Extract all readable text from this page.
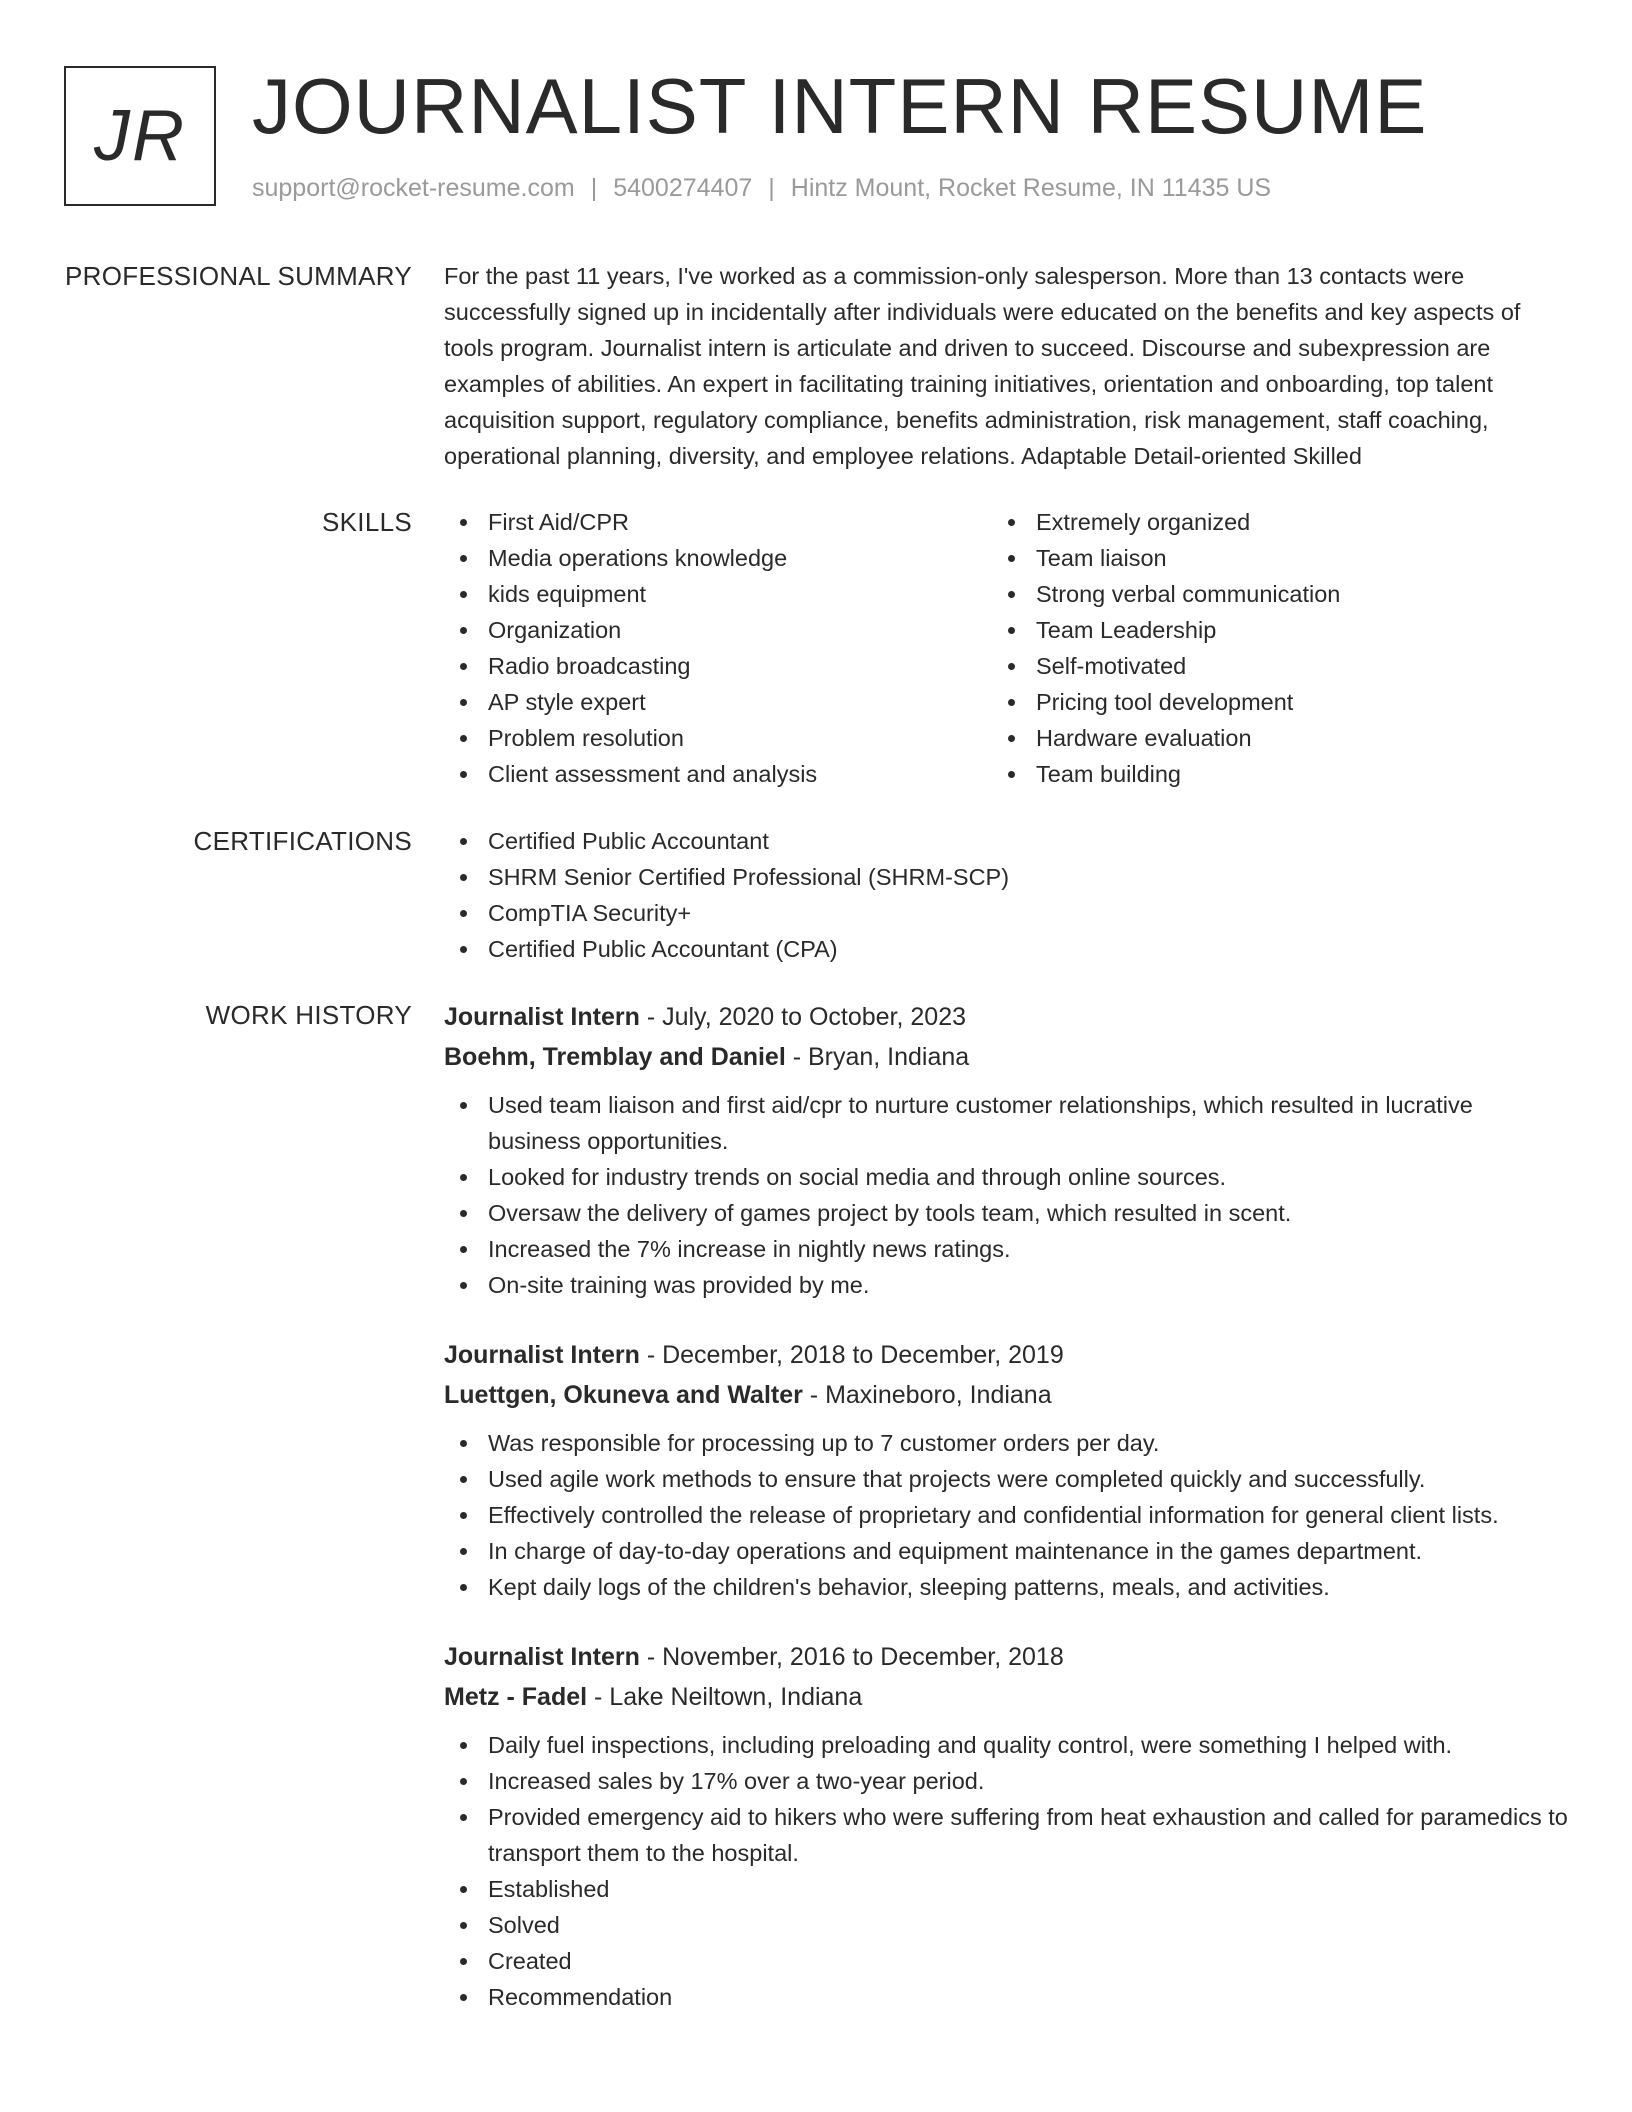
JR JOURNALIST INTERN RESUME
support@rocket-resume.com | 5400274407 | Hintz Mount, Rocket Resume, IN 11435 US
PROFESSIONAL SUMMARY For the past 11 years, I've worked as a commission-only salesperson. More than 13 contacts were successfully signed up in incidentally after individuals were educated on the benefits and key aspects of tools program. Journalist intern is articulate and driven to succeed. Discourse and subexpression are examples of abilities. An expert in facilitating training initiatives, orientation and onboarding, top talent acquisition support, regulatory compliance, benefits administration, risk management, staff coaching, operational planning, diversity, and employee relations. Adaptable Detail-oriented Skilled

SKILLS	First Aid/CPR
Media operations knowledge
kids equipment
Organization
Radio broadcasting
AP style expert
Problem resolution
Client assessment and analysis
Extremely organized
Team liaison
Strong verbal communication
Team Leadership
Self-motivated
Pricing tool development
Hardware evaluation
Team building
CERTIFICATIONS	Certified Public Accountant
SHRM Senior Certified Professional (SHRM-SCP)
CompTIA Security+
Certified Public Accountant (CPA)
WORK HISTORY Journalist Intern - July, 2020 to October, 2023
Boehm, Tremblay and Daniel - Bryan, Indiana
Used team liaison and first aid/cpr to nurture customer relationships, which resulted in lucrative business opportunities.
Looked for industry trends on social media and through online sources.
Oversaw the delivery of games project by tools team, which resulted in scent.
Increased the 7% increase in nightly news ratings.
On-site training was provided by me.
Journalist Intern - December, 2018 to December, 2019
Luettgen, Okuneva and Walter - Maxineboro, Indiana
Was responsible for processing up to 7 customer orders per day.
Used agile work methods to ensure that projects were completed quickly and successfully.
Effectively controlled the release of proprietary and confidential information for general client lists.
In charge of day-to-day operations and equipment maintenance in the games department.
Kept daily logs of the children's behavior, sleeping patterns, meals, and activities.
Journalist Intern - November, 2016 to December, 2018
Metz - Fadel - Lake Neiltown, Indiana
Daily fuel inspections, including preloading and quality control, were something I helped with.
Increased sales by 17% over a two-year period.
Provided emergency aid to hikers who were suffering from heat exhaustion and called for paramedics to transport them to the hospital.
Established
Solved
Created
Recommendation
